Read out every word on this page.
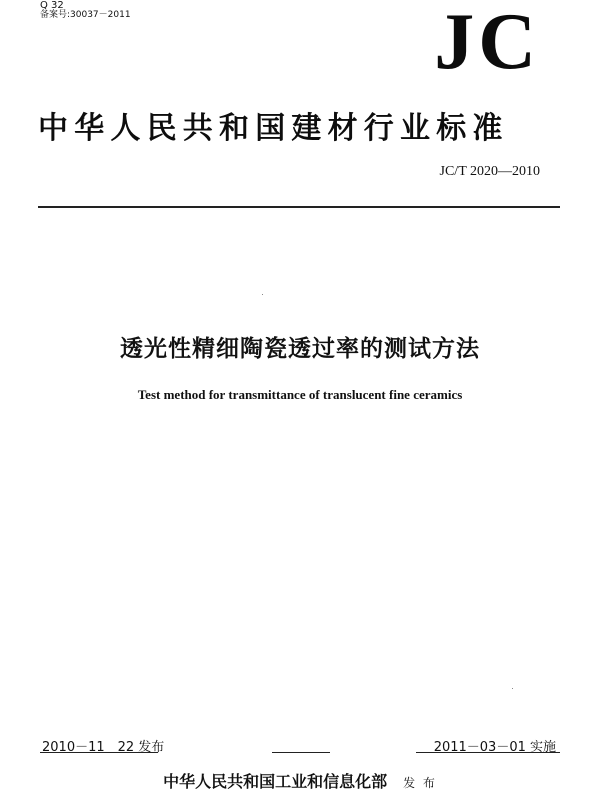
Q 32
备案号:30037－2011	JC
中华人民共和国建材行业标准
JC/T 2020—2010
透光性精细陶瓷透过率的测试方法
Test method for transmittance of translucent fine ceramics
2010－11　22 发布	2011－03－01 实施
中华人民共和国工业和信息化部 发 布
